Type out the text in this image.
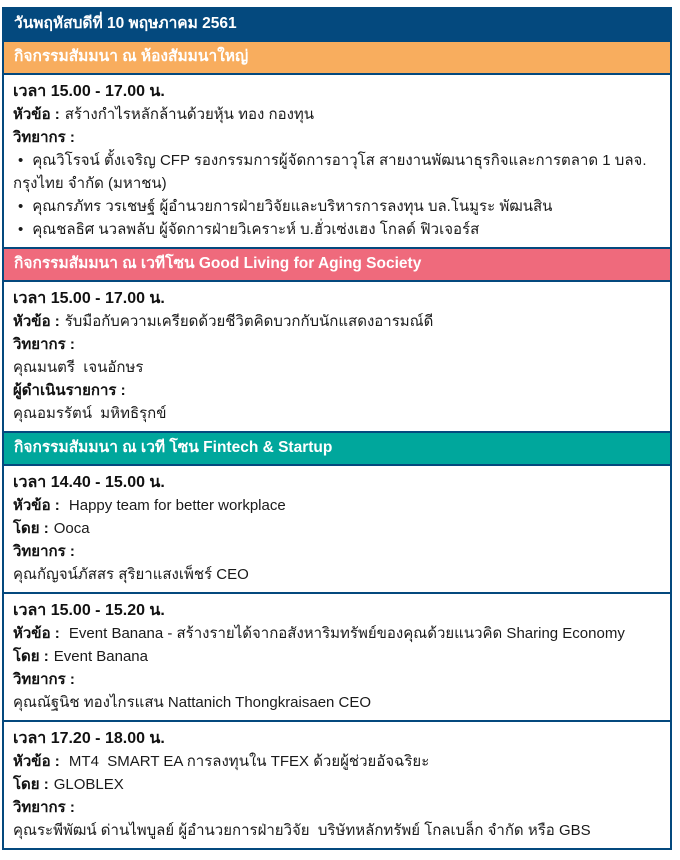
วันพฤหัสบดีที่ 10 พฤษภาคม 2561
กิจกรรมสัมมนา ณ ห้องสัมมนาใหญ่
เวลา 15.00 - 17.00 น.
หัวข้อ : สร้างกำไรหลักล้านด้วยหุ้น ทอง กองทุน
วิทยากร :
• คุณวิโรจน์ ตั้งเจริญ CFP รองกรรมการผู้จัดการอาวุโส สายงานพัฒนาธุรกิจและการตลาด 1 บลจ. กรุงไทย จำกัด (มหาชน)
• คุณกรภัทร วรเชษฐ์ ผู้อำนวยการฝ่ายวิจัยและบริหารการลงทุน บล.โนมูระ พัฒนสิน
• คุณชลธิศ นวลพลับ ผู้จัดการฝ่ายวิเคราะห์ บ.ฮั่วเซ่งเฮง โกลด์ ฟิวเจอร์ส
กิจกรรมสัมมนา ณ เวทีโซน Good Living for Aging Society
เวลา 15.00 - 17.00 น.
หัวข้อ : รับมือกับความเครียดด้วยชีวิตคิดบวกกับนักแสดงอารมณ์ดี
วิทยากร :
คุณมนตรี  เจนอักษร
ผู้ดำเนินรายการ :
คุณอมรรัตน์  มหิทธิรุกข์
กิจกรรมสัมมนา ณ เวที โซน Fintech & Startup
เวลา 14.40 - 15.00 น.
หัวข้อ : Happy team for better workplace
โดย : Ooca
วิทยากร :
คุณกัญจน์ภัสสร สุริยาแสงเพ็ชร์ CEO
เวลา 15.00 - 15.20 น.
หัวข้อ : Event Banana - สร้างรายได้จากอสังหาริมทรัพย์ของคุณด้วยแนวคิด Sharing Economy
โดย : Event Banana
วิทยากร :
คุณณัฐนิช ทองไกรแสน Nattanich Thongkraisaen CEO
เวลา 17.20 - 18.00 น.
หัวข้อ : MT4  SMART EA การลงทุนใน TFEX ด้วยผู้ช่วยอัจฉริยะ
โดย : GLOBLEX
วิทยากร :
คุณระพีพัฒน์ ด่านไพบูลย์ ผู้อำนวยการฝ่ายวิจัย  บริษัทหลักทรัพย์ โกลเบล็ก จำกัด หรือ GBS
